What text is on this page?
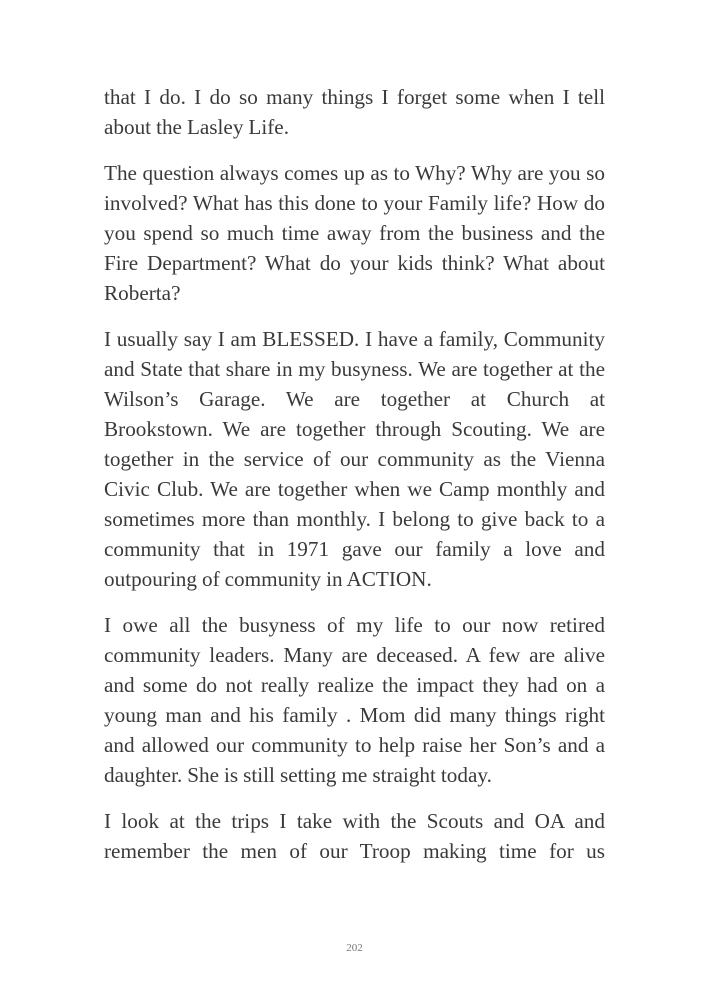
that I do. I do so many things I forget some when I tell about the Lasley Life.

The question always comes up as to Why? Why are you so involved? What has this done to your Family life? How do you spend so much time away from the business and the Fire Department? What do your kids think? What about Roberta?

I usually say I am BLESSED. I have a family, Community and State that share in my busyness. We are together at the Wilson’s Garage. We are together at Church at Brookstown. We are together through Scouting. We are together in the service of our community as the Vienna Civic Club. We are together when we Camp monthly and sometimes more than monthly. I belong to give back to a community that in 1971 gave our family a love and outpouring of community in ACTION.

I owe all the busyness of my life to our now retired community leaders. Many are deceased. A few are alive and some do not really realize the impact they had on a young man and his family . Mom did many things right and allowed our community to help raise her Son’s and a daughter. She is still setting me straight today.

I look at the trips I take with the Scouts and OA and remember the men of our Troop making time for us

202
